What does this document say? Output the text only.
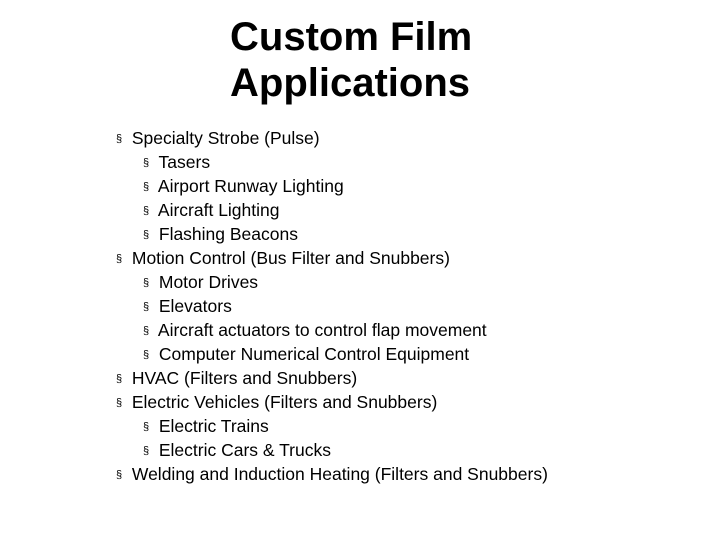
Custom Film
Applications
§ Specialty Strobe (Pulse)
§ Tasers
§ Airport Runway Lighting
§ Aircraft Lighting
§ Flashing Beacons
§ Motion Control (Bus Filter and Snubbers)
§ Motor Drives
§ Elevators
§ Aircraft actuators to control flap movement
§ Computer Numerical Control Equipment
§ HVAC (Filters and Snubbers)
§ Electric Vehicles (Filters and Snubbers)
§ Electric Trains
§ Electric Cars & Trucks
§ Welding and Induction Heating (Filters and Snubbers)
